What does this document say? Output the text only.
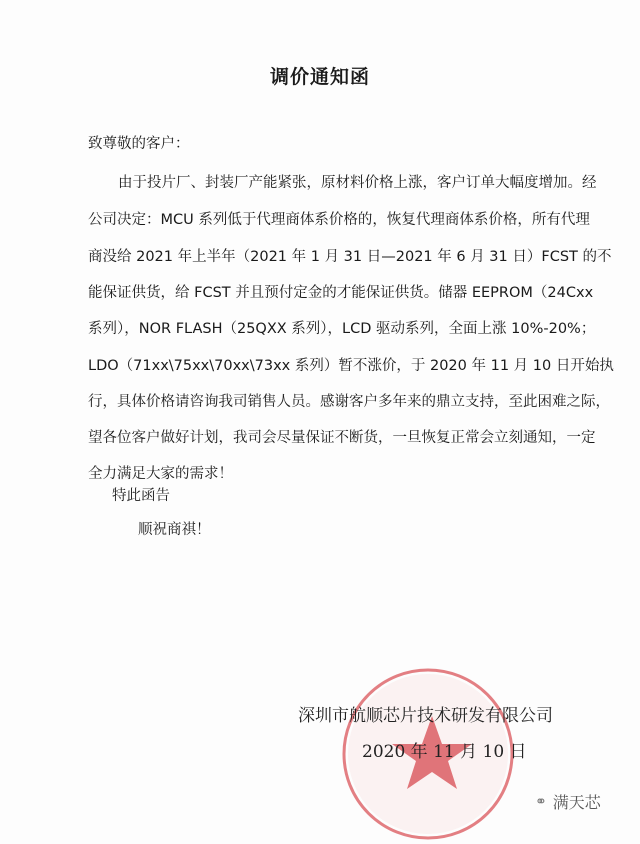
调价通知函
致尊敬的客户：
由于投片厂、封装厂产能紧张，原材料价格上涨，客户订单大幅度增加。经
公司决定：MCU 系列低于代理商体系价格的，恢复代理商体系价格，所有代理
商没给 2021 年上半年（2021 年 1 月 31 日—2021 年 6 月 31 日）FCST 的不
能保证供货，给 FCST 并且预付定金的才能保证供货。储器 EEPROM（24Cxx
系列），NOR FLASH（25QXX 系列），LCD 驱动系列，全面上涨 10%-20%；
LDO（71xx\75xx\70xx\73xx 系列）暂不涨价，于 2020 年 11 月 10 日开始执
行，具体价格请咨询我司销售人员。感谢客户多年来的鼎立支持，至此困难之际，
望各位客户做好计划，我司会尽量保证不断货，一旦恢复正常会立刻通知，一定
全力满足大家的需求！
特此函告
顺祝商祺！
深圳市航顺芯片技术研发有限公司
2020 年 11 月 10 日
⚭ 满天芯
